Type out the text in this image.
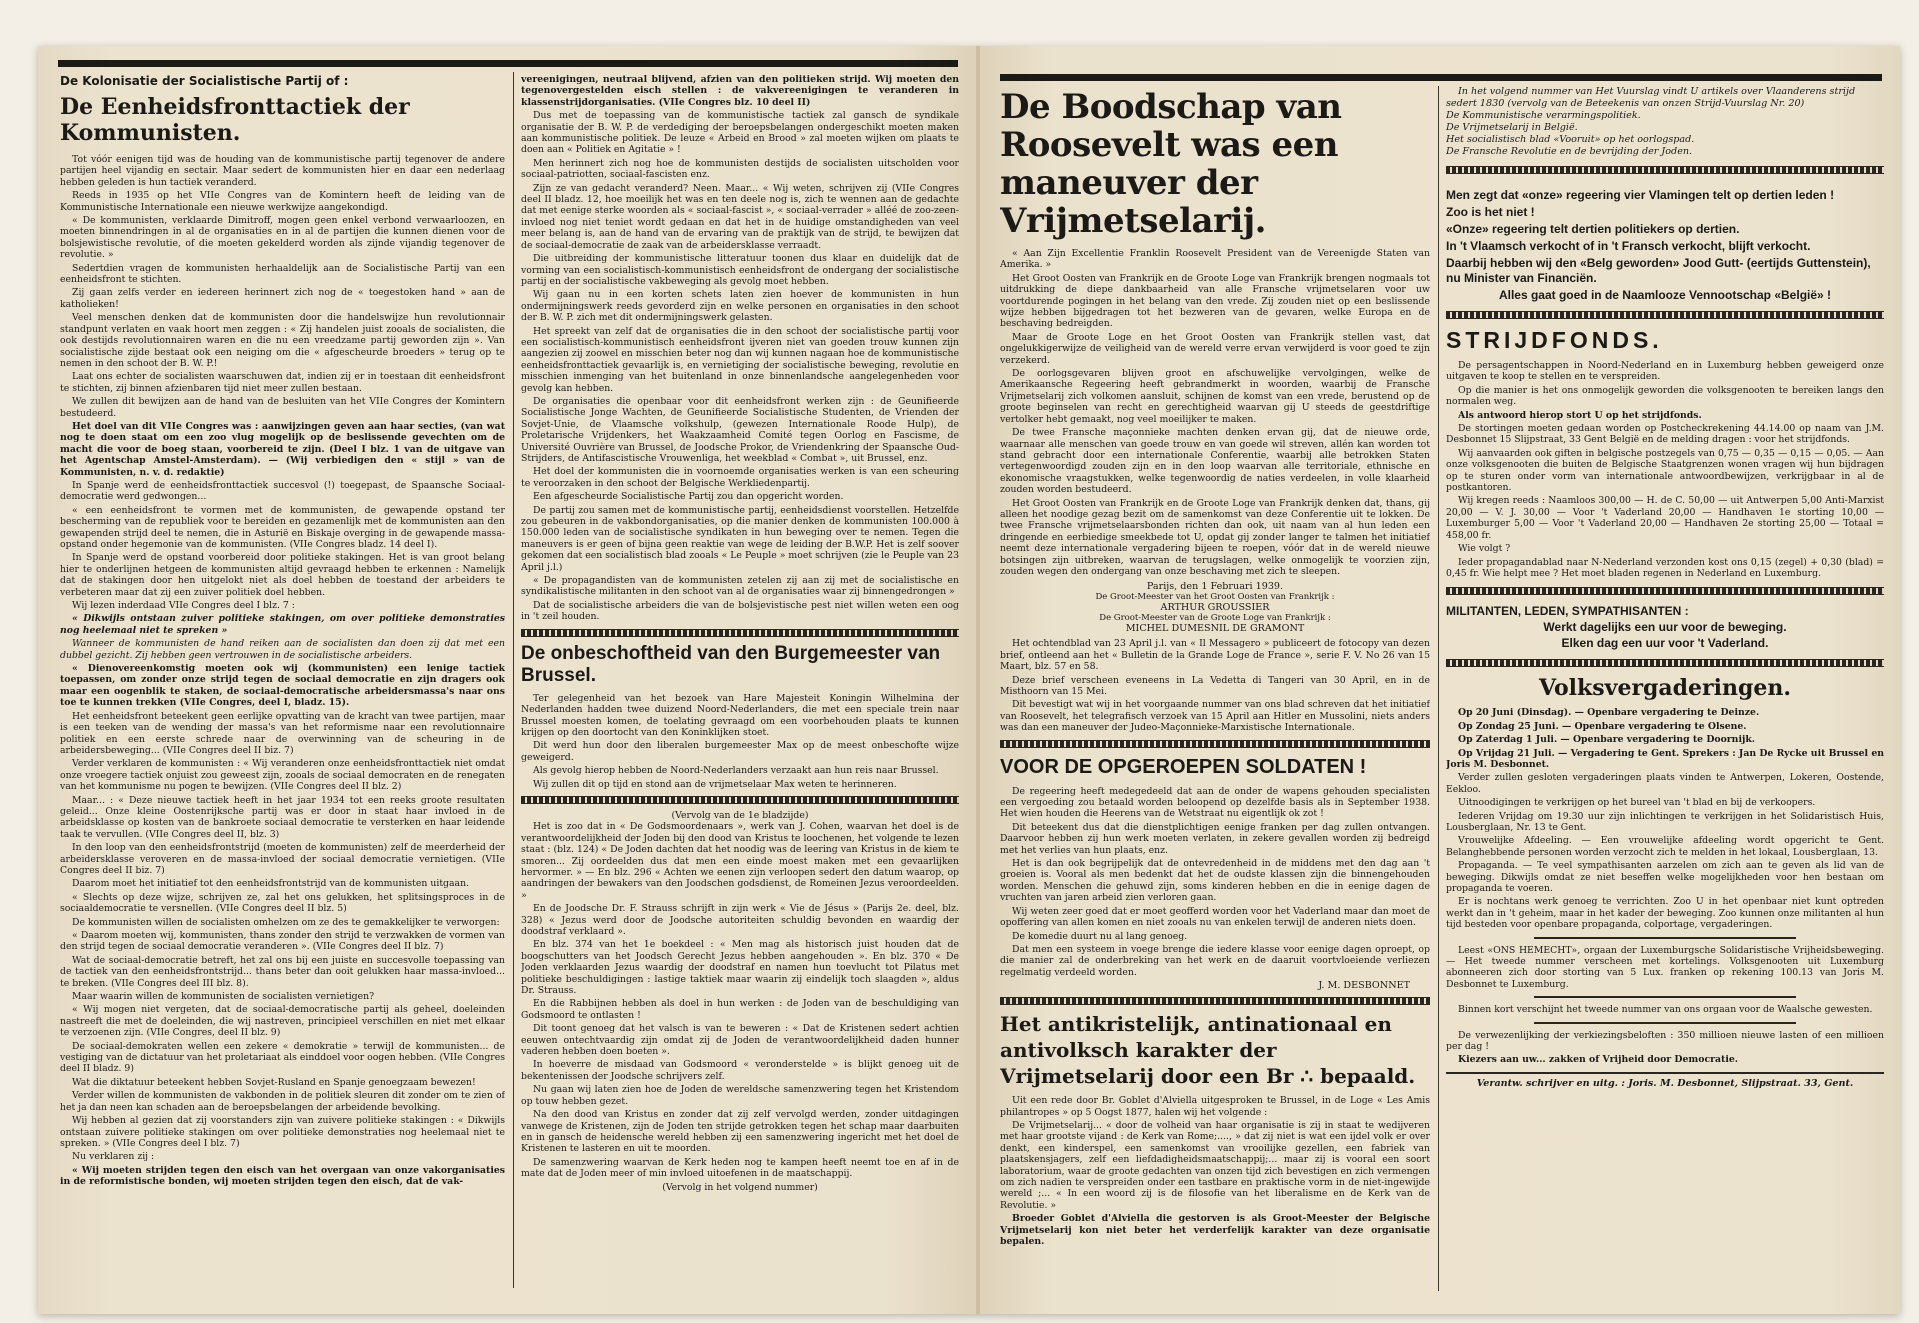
De Kolonisatie der Socialistische Partij of :
De Eenheidsfronttactiek der Kommunisten.

Tot vóór eenigen tijd was de houding van de kommunistische partij tegenover de andere partijen heel vijandig en sectair. Maar sedert de kommunisten hier en daar een nederlaag hebben geleden is hun tactiek veranderd.

Reeds in 1935 op het VIIe Congres van de Komintern heeft de leiding van de Kommunistische Internationale een nieuwe werkwijze aangekondigd.

« De kommunisten, verklaarde Dimitroff, mogen geen enkel verbond verwaarloozen, en moeten binnendringen in al de organisaties en in al de partijen die kunnen dienen voor de bolsjewistische revolutie, of die moeten gekelderd worden als zijnde vijandig tegenover de revolutie. »

Sedertdien vragen de kommunisten herhaaldelijk aan de Socialistische Partij van een eenheidsfront te stichten.

Zij gaan zelfs verder en iedereen herinnert zich nog de « toegestoken hand » aan de katholieken!

Veel menschen denken dat de kommunisten door die handelswijze hun revolutionnair standpunt verlaten en vaak hoort men zeggen : « Zij handelen juist zooals de socialisten, die ook destijds revolutionnairen waren en die nu een vreedzame partij geworden zijn ». Van socialistische zijde bestaat ook een neiging om die « afgescheurde broeders » terug op te nemen in den schoot der B. W. P.!

Laat ons echter de socialisten waarschuwen dat, indien zij er in toestaan dit eenheidsfront te stichten, zij binnen afzienbaren tijd niet meer zullen bestaan.

We zullen dit bewijzen aan de hand van de besluiten van het VIIe Congres der Komintern bestudeerd.

Het doel van dit VIIe Congres was : aanwijzingen geven aan haar secties, (van wat nog te doen staat om een zoo vlug mogelijk op de beslissende gevechten om de macht die voor de boeg staan, voorbereid te zijn. (Deel I blz. 1 van de uitgave van het Agentschap Amstel-Amsterdam). — (Wij verbiedigen den « stijl » van de Kommunisten, n. v. d. redaktie)

In Spanje werd de eenheidsfronttactiek succesvol (!) toegepast, de Spaansche Sociaal-democratie werd gedwongen...

« een eenheidsfront te vormen met de kommunisten, de gewapende opstand ter bescherming van de republiek voor te bereiden en gezamenlijk met de kommunisten aan den gewapenden strijd deel te nemen, die in Asturië en Biskaje overging in de gewapende massa-opstand onder hegemonie van de kommunisten. (VIIe Congres bladz. 14 deel I).

In Spanje werd de opstand voorbereid door politieke stakingen. Het is van groot belang hier te onderlijnen hetgeen de kommunisten altijd gevraagd hebben te erkennen : Namelijk dat de stakingen door hen uitgelokt niet als doel hebben de toestand der arbeiders te verbeteren maar dat zij een zuiver politiek doel hebben.

Wij lezen inderdaad VIIe Congres deel I blz. 7 :

« Dikwijls ontstaan zuiver politieke stakingen, om over politieke demonstraties nog heelemaal niet te spreken »

Wanneer de kommunisten de hand reiken aan de socialisten dan doen zij dat met een dubbel gezicht. Zij hebben geen vertrouwen in de socialistische arbeiders.

« Dienovereenkomstig moeten ook wij (kommunisten) een lenige tactiek toepassen, om zonder onze strijd tegen de sociaal democratie en zijn dragers ook maar een oogenblik te staken, de sociaal-democratische arbeidersmassa's naar ons toe te kunnen trekken (VIIe Congres, deel I, bladz. 15).

Het eenheidsfront beteekent geen eerlijke opvatting van de kracht van twee partijen, maar is een teeken van de wending der massa's van het reformisme naar een revolutionnaire politiek en een eerste schrede naar de overwinning van de scheuring in de arbeidersbeweging... (VIIe Congres deel II biz. 7)

Verder verklaren de kommunisten : « Wij veranderen onze eenheidsfronttactiek niet omdat onze vroegere tactiek onjuist zou geweest zijn, zooals de sociaal democraten en de renegaten van het kommunisme nu pogen te bewijzen. (VIIe Congres deel II blz. 2)

Maar... : « Deze nieuwe tactiek heeft in het jaar 1934 tot een reeks groote resultaten geleid... Onze kleine Oostenrijksche partij was er door in staat haar invloed in de arbeidsklasse op kosten van de bankroete sociaal democratie te versterken en haar leidende taak te vervullen. (VIIe Congres deel II, blz. 3)

In den loop van den eenheidsfrontstrijd (moeten de kommunisten) zelf de meerderheid der arbeidersklasse veroveren en de massa-invloed der sociaal democratie vernietigen. (VIIe Congres deel II biz. 7)

Daarom moet het initiatief tot den eenheidsfrontstrijd van de kommunisten uitgaan.

« Slechts op deze wijze, schrijven ze, zal het ons gelukken, het splitsingsproces in de sociaaldemocratie te versnellen. (VIIe Congres deel II blz. 5)

De kommunisten willen de socialisten omhelzen om ze des te gemakkelijker te verworgen:

« Daarom moeten wij, kommunisten, thans zonder den strijd te verzwakken de vormen van den strijd tegen de sociaal democratie veranderen ». (VIIe Congres deel II blz. 7)

Wat de sociaal-democratie betreft, het zal ons bij een juiste en succesvolle toepassing van de tactiek van den eenheidsfrontstrijd... thans beter dan ooit gelukken haar massa-invloed... te breken. (VIIe Congres deel III blz. 8).

Maar waarin willen de kommunisten de socialisten vernietigen?

« Wij mogen niet vergeten, dat de sociaal-democratische partij als geheel, doeleinden nastreeft die met de doeleinden, die wij nastreven, principieel verschillen en niet met elkaar te verzoenen zijn. (VIIe Congres, deel II blz. 9)

De sociaal-demokraten wellen een zekere « demokratie » terwijl de kommunisten... de vestiging van de dictatuur van het proletariaat als einddoel voor oogen hebben. (VIIe Congres deel II bladz. 9)

Wat die diktatuur beteekent hebben Sovjet-Rusland en Spanje genoegzaam bewezen!

Verder willen de kommunisten de vakbonden in de politiek sleuren dit zonder om te zien of het ja dan neen kan schaden aan de beroepsbelangen der arbeidende bevolking.

Wij hebben al gezien dat zij voorstanders zijn van zuivere politieke stakingen : « Dikwijls ontstaan zuivere politieke stakingen om over politieke demonstraties nog heelemaal niet te spreken. » (VIIe Congres deel I blz. 7)

Nu verklaren zij :

« Wij moeten strijden tegen den eisch van het overgaan van onze vakorganisaties in de reformistische bonden, wij moeten strijden tegen den eisch, dat de vak-

vereenigingen, neutraal blijvend, afzien van den politieken strijd. Wij moeten den tegenovergestelden eisch stellen : de vakvereenigingen te veranderen in klassenstrijdorganisaties. (VIIe Congres blz. 10 deel II)

Dus met de toepassing van de kommunistische tactiek zal gansch de syndikale organisatie der B. W. P. de verdediging der beroepsbelangen ondergeschikt moeten maken aan kommunistische politiek. De leuze « Arbeid en Brood » zal moeten wijken om plaats te doen aan « Politiek en Agitatie » !

Men herinnert zich nog hoe de kommunisten destijds de socialisten uitscholden voor sociaal-patriotten, sociaal-fascisten enz.

Zijn ze van gedacht veranderd? Neen. Maar... « Wij weten, schrijven zij (VIIe Congres deel II bladz. 12, hoe moeilijk het was en ten deele nog is, zich te wennen aan de gedachte dat met eenige sterke woorden als « sociaal-fascist », « sociaal-verrader » alléé de zoo-zeen- invloed nog niet teniet wordt gedaan en dat het in de huidige omstandigheden van veel meer belang is, aan de hand van de ervaring van de praktijk van de strijd, te bewijzen dat de sociaal-democratie de zaak van de arbeidersklasse verraadt.

Die uitbreiding der kommunistische litteratuur toonen dus klaar en duidelijk dat de vorming van een socialistisch-kommunistisch eenheidsfront de ondergang der socialistische partij en der socialistische vakbeweging als gevolg moet hebben.

Wij gaan nu in een korten schets laten zien hoever de kommunisten in hun ondermijningswerk reeds gevorderd zijn en welke personen en organisaties in den schoot der B. W. P. zich met dit ondermijningswerk gelasten.

Het spreekt van zelf dat de organisaties die in den schoot der socialistische partij voor een socialistisch-kommunistisch eenheidsfront ijveren niet van goeden trouw kunnen zijn aangezien zij zoowel en misschien beter nog dan wij kunnen nagaan hoe de kommunistische eenheidsfronttactiek gevaarlijk is, en vernietiging der socialistische beweging, revolutie en misschien inmenging van het buitenland in onze binnenlandsche aangelegenheden voor gevolg kan hebben.

De organisaties die openbaar voor dit eenheidsfront werken zijn : de Geunifieerde Socialistische Jonge Wachten, de Geunifieerde Socialistische Studenten, de Vrienden der Sovjet-Unie, de Vlaamsche volkshulp, (gewezen Internationale Roode Hulp), de Proletarische Vrijdenkers, het Waakzaamheid Comité tegen Oorlog en Fascisme, de Université Ouvrière van Brussel, de Joodsche Prokor, de Vriendenkring der Spaansche Oud-Strijders, de Antifascistische Vrouwenliga, het weekblad « Combat », uit Brussel, enz.

Het doel der kommunisten die in voornoemde organisaties werken is van een scheuring te veroorzaken in den schoot der Belgische Werkliedenpartij.

Een afgescheurde Socialistische Partij zou dan opgericht worden.

De partij zou samen met de kommunistische partij, eenheidsdienst voorstellen. Hetzelfde zou gebeuren in de vakbondorganisaties, op die manier denken de kommunisten 100.000 à 150.000 leden van de socialistische syndikaten in hun beweging over te nemen. Tegen die maneuvers is er geen of bijna geen reaktie van wege de leiding der B.W.P. Het is zelf soover gekomen dat een socialistisch blad zooals « Le Peuple » moet schrijven (zie le Peuple van 23 April j.l.)

« De propagandisten van de kommunisten zetelen zij aan zij met de socialistische en syndikalistische militanten in den schoot van al de organisaties waar zij binnengedrongen »

Dat de socialistische arbeiders die van de bolsjevistische pest niet willen weten een oog in 't zeil houden.

De onbeschoftheid van den Burgemeester van Brussel.

Ter gelegenheid van het bezoek van Hare Majesteit Koningin Wilhelmina der Nederlanden hadden twee duizend Noord-Nederlanders, die met een speciale trein naar Brussel moesten komen, de toelating gevraagd om een voorbehouden plaats te kunnen krijgen op den doortocht van den Koninklijken stoet.

Dit werd hun door den liberalen burgemeester Max op de meest onbeschofte wijze geweigerd.

Als gevolg hierop hebben de Noord-Nederlanders verzaakt aan hun reis naar Brussel.

Wij zullen dit op tijd en stond aan de vrijmetselaar Max weten te herinneren.

(Vervolg van de 1e bladzijde)

Het is zoo dat in « De Godsmoordenaars », werk van J. Cohen, waarvan het doel is de verantwoordelijkheid der Joden bij den dood van Kristus te loochenen, het volgende te lezen staat : (blz. 124) « De Joden dachten dat het noodig was de leering van Kristus in de kiem te smoren... Zij oordeelden dus dat men een einde moest maken met een gevaarlijken hervormer. » — En blz. 296 « Achten we eenen zijn verloopen sedert den datum waarop, op aandringen der bewakers van den Joodschen godsdienst, de Romeinen Jezus veroordeelden. »

En de Joodsche Dr. F. Strauss schrijft in zijn werk « Vie de Jésus » (Parijs 2e. deel, blz. 328) « Jezus werd door de Joodsche autoriteiten schuldig bevonden en waardig der doodstraf verklaard ».

En blz. 374 van het 1e boekdeel : « Men mag als historisch juist houden dat de boogschutters van het Joodsch Gerecht Jezus hebben aangehouden ». En blz. 370 « De Joden verklaarden Jezus waardig der doodstraf en namen hun toevlucht tot Pilatus met politieke beschuldigingen : lastige taktiek maar waarin zij eindelijk toch slaagden », aldus Dr. Strauss.

En die Rabbijnen hebben als doel in hun werken : de Joden van de beschuldiging van Godsmoord te ontlasten !

Dit toont genoeg dat het valsch is van te beweren : « Dat de Kristenen sedert achtien eeuwen ontechtvaardig zijn omdat zij de Joden de verantwoordelijkheid daden hunner vaderen hebben doen boeten ».

In hoeverre de misdaad van Godsmoord « veronderstelde » is blijkt genoeg uit de bekentenissen der Joodsche schrijvers zelf.

Nu gaan wij laten zien hoe de Joden de wereldsche samenzwering tegen het Kristendom op touw hebben gezet.

Na den dood van Kristus en zonder dat zij zelf vervolgd werden, zonder uitdagingen vanwege de Kristenen, zijn de Joden ten strijde getrokken tegen het schap maar daarbuiten en in gansch de heidensche wereld hebben zij een samenzwering ingericht met het doel de Kristenen te lasteren en uit te moorden.

De samenzwering waarvan de Kerk heden nog te kampen heeft neemt toe en af in de mate dat de Joden meer of min invloed uitoefenen in de maatschappij.

(Vervolg in het volgend nummer)
De Boodschap van Roosevelt was een maneuver der Vrijmetselarij.

« Aan Zijn Excellentie Franklin Roosevelt President van de Vereenigde Staten van Amerika. »

Het Groot Oosten van Frankrijk en de Groote Loge van Frankrijk brengen nogmaals tot uitdrukking de diepe dankbaarheid van alle Fransche vrijmetselaren voor uw voortdurende pogingen in het belang van den vrede. Zij zouden niet op een beslissende wijze hebben bijgedragen tot het bezweren van de gevaren, welke Europa en de beschaving bedreigden.

Maar de Groote Loge en het Groot Oosten van Frankrijk stellen vast, dat ongelukkigerwijze de veiligheid van de wereld verre ervan verwijderd is voor goed te zijn verzekerd.

De oorlogsgevaren blijven groot en afschuwelijke vervolgingen, welke de Amerikaansche Regeering heeft gebrandmerkt in woorden, waarbij de Fransche Vrijmetselarij zich volkomen aansluit, schijnen de komst van een vrede, berustend op de groote beginselen van recht en gerechtigheid waarvan gij U steeds de geestdriftige vertolker hebt gemaakt, nog veel moeilijker te maken.

De twee Fransche maçonnieke machten denken ervan gij, dat de nieuwe orde, waarnaar alle menschen van goede trouw en van goede wil streven, allén kan worden tot stand gebracht door een internationale Conferentie, waarbij alle betrokken Staten vertegenwoordigd zouden zijn en in den loop waarvan alle territoriale, ethnische en ekonomische vraagstukken, welke tegenwoordig de naties verdeelen, in volle klaarheid zouden worden bestudeerd.

Het Groot Oosten van Frankrijk en de Groote Loge van Frankrijk denken dat, thans, gij alleen het noodige gezag bezit om de samenkomst van deze Conferentie uit te lokken. De twee Fransche vrijmetselaarsbonden richten dan ook, uit naam van al hun leden een dringende en eerbiedige smeekbede tot U, opdat gij zonder langer te talmen het initiatief neemt deze internationale vergadering bijeen te roepen, vóór dat in de wereld nieuwe botsingen zijn uitbreken, waarvan de terugslagen, welke onmogelijk te voorzien zijn, zouden wegen den ondergang van onze beschaving met zich te sleepen.

Parijs, den 1 Februari 1939.
De Groot-Meester van het Groot Oosten van Frankrijk :
ARTHUR GROUSSIER
De Groot-Meester van de Groote Loge van Frankrijk :
MICHEL DUMESNIL DE GRAMONT

Het ochtendblad van 23 April j.l. van « Il Messagero » publiceert de fotocopy van dezen brief, ontleend aan het « Bulletin de la Grande Loge de France », serie F. V. No 26 van 15 Maart, blz. 57 en 58.

Deze brief verscheen eveneens in La Vedetta di Tangeri van 30 April, en in de Misthoorn van 15 Mei.

Dit bevestigt wat wij in het voorgaande nummer van ons blad schreven dat het initiatief van Roosevelt, het telegrafisch verzoek van 15 April aan Hitler en Mussolini, niets anders was dan een maneuver der Judeo-Maçonnieke-Marxistische Internationale.

VOOR DE OPGEROEPEN SOLDATEN !

De regeering heeft medegedeeld dat aan de onder de wapens gehouden specialisten een vergoeding zou betaald worden beloopend op dezelfde basis als in September 1938. Het wien houden die Heerens van de Wetstraat nu eigentlijk ok zot !

Dit beteekent dus dat die dienstplichtigen eenige franken per dag zullen ontvangen. Daarvoor hebben zij hun werk moeten verlaten, in zekere gevallen worden zij bedreigd met het verlies van hun plaats, enz.

Het is dan ook begrijpelijk dat de ontevredenheid in de middens met den dag aan 't groeien is. Vooral als men bedenkt dat het de oudste klassen zijn die binnengehouden worden. Menschen die gehuwd zijn, soms kinderen hebben en die in eenige dagen de vruchten van jaren arbeid zien verloren gaan.

Wij weten zeer goed dat er moet geofferd worden voor het Vaderland maar dan moet de opoffering van allen komen en niet zooals nu van enkelen terwijl de anderen niets doen.

De komedie duurt nu al lang genoeg.

Dat men een systeem in voege brenge die iedere klasse voor eenige dagen oproept, op die manier zal de onderbreking van het werk en de daaruit voortvloeiende verliezen regelmatig verdeeld worden.

J. M. DESBONNET
Het antikristelijk, antinationaal en antivolksch karakter der Vrijmetselarij door een Br ∴ bepaald.

Uit een rede door Br. Goblet d'Alviella uitgesproken te Brussel, in de Loge « Les Amis philantropes » op 5 Oogst 1877, halen wij het volgende :

De Vrijmetselarij... « door de volheid van haar organisatie is zij in staat te wedijveren met haar grootste vijand : de Kerk van Rome;...., » dat zij niet is wat een ijdel volk er over denkt, een kinderspel, een samenkomst van vrooilijke gezellen, een fabriek van plaatskensjagers, zelf een liefdadigheidsmaatschappij;... maar zij is vooral een soort laboratorium, waar de groote gedachten van onzen tijd zich bevestigen en zich vermengen om zich nadien te verspreiden onder een tastbare en praktische vorm in de niet-ingewijde wereld ;... « In een woord zij is de filosofie van het liberalisme en de Kerk van de Revolutie. »

Broeder Goblet d'Alviella die gestorven is als Groot-Meester der Belgische Vrijmetselarij kon niet beter het verderfelijk karakter van deze organisatie bepalen.

In het volgend nummer van Het Vuurslag vindt U artikels over Vlaanderens strijd sedert 1830 (vervolg van de Beteekenis van onzen Strijd-Vuurslag Nr. 20)
De Kommunistische verarmingspolitiek.
De Vrijmetselarij in België.
Het socialistisch blad «Vooruit» op het oorlogspad.
De Fransche Revolutie en de bevrijding der Joden.

Men zegt dat «onze» regeering vier Vlamingen telt op dertien leden !

Zoo is het niet !

«Onze» regeering telt dertien politiekers op dertien.

In 't Vlaamsch verkocht of in 't Fransch verkocht, blijft verkocht.

Daarbij hebben wij den «Belg geworden» Jood Gutt- (eertijds Guttenstein), nu Minister van Financiën.

Alles gaat goed in de Naamlooze Vennootschap «België» !

STRIJDFONDS.

De persagentschappen in Noord-Nederland en in Luxemburg hebben geweigerd onze uitgaven te koop te stellen en te verspreiden.

Op die manier is het ons onmogelijk geworden die volksgenooten te bereiken langs den normalen weg.

Als antwoord hierop stort U op het strijdfonds.

De stortingen moeten gedaan worden op Postcheckrekening 44.14.00 op naam van J.M. Desbonnet 15 Slijpstraat, 33 Gent België en de melding dragen : voor het strijdfonds.

Wij aanvaarden ook giften in belgische postzegels van 0,75 — 0,35 — 0,15 — 0,05. — Aan onze volksgenooten die buiten de Belgische Staatgrenzen wonen vragen wij hun bijdragen op te sturen onder vorm van internationale antwoordbewijzen, verkrijgbaar in al de postkantoren.

Wij kregen reeds : Naamloos 300,00 — H. de C. 50,00 — uit Antwerpen 5,00 Anti-Marxist 20,00 — V. J. 30,00 — Voor 't Vaderland 20,00 — Handhaven 1e storting 10,00 — Luxemburger 5,00 — Voor 't Vaderland 20,00 — Handhaven 2e storting 25,00 — Totaal = 458,00 fr.

Wie volgt ?

Ieder propagandablad naar N-Nederland verzonden kost ons 0,15 (zegel) + 0,30 (blad) = 0,45 fr. Wie helpt mee ? Het moet bladen regenen in Nederland en Luxemburg.

MILITANTEN, LEDEN, SYMPATHISANTEN :
Werkt dagelijks een uur voor de beweging.
Elken dag een uur voor 't Vaderland.
Volksvergaderingen.

Op 20 Juni (Dinsdag). — Openbare vergadering te Deinze.

Op Zondag 25 Juni. — Openbare vergadering te Olsene.

Op Zaterdag 1 Juli. — Openbare vergadering te Doornijk.

Op Vrijdag 21 Juli. — Vergadering te Gent. Sprekers : Jan De Rycke uit Brussel en Joris M. Desbonnet.

Verder zullen gesloten vergaderingen plaats vinden te Antwerpen, Lokeren, Oostende, Eekloo.

Uitnoodigingen te verkrijgen op het bureel van 't blad en bij de verkoopers.

Iederen Vrijdag om 19.30 uur zijn inlichtingen te verkrijgen in het Solidaristisch Huis, Lousberglaan, Nr. 13 te Gent.

Vrouwelijke Afdeeling. — Een vrouwelijke afdeeling wordt opgericht te Gent. Belanghebbende personen worden verzocht zich te melden in het lokaal, Lousberglaan, 13.

Propaganda. — Te veel sympathisanten aarzelen om zich aan te geven als lid van de beweging. Dikwijls omdat ze niet beseffen welke mogelijkheden voor hen bestaan om propaganda te voeren.

Er is nochtans werk genoeg te verrichten. Zoo U in het openbaar niet kunt optreden werkt dan in 't geheim, maar in het kader der beweging. Zoo kunnen onze militanten al hun tijd besteden voor openbare propaganda, colportage, vergaderingen.

Leest «ONS HEMECHT», orgaan der Luxemburgsche Solidaristische Vrijheidsbeweging. — Het tweede nummer verscheen met kortelings. Volksgenooten uit Luxemburg abonneeren zich door storting van 5 Lux. franken op rekening 100.13 van Joris M. Desbonnet te Luxemburg.

Binnen kort verschijnt het tweede nummer van ons orgaan voor de Waalsche gewesten.

De verwezenlijking der verkiezingsbeloften : 350 millioen nieuwe lasten of een millioen per dag !

Kiezers aan uw... zakken of Vrijheid door Democratie.

Verantw. schrijver en uitg. : Joris. M. Desbonnet, Slijpstraat. 33, Gent.
